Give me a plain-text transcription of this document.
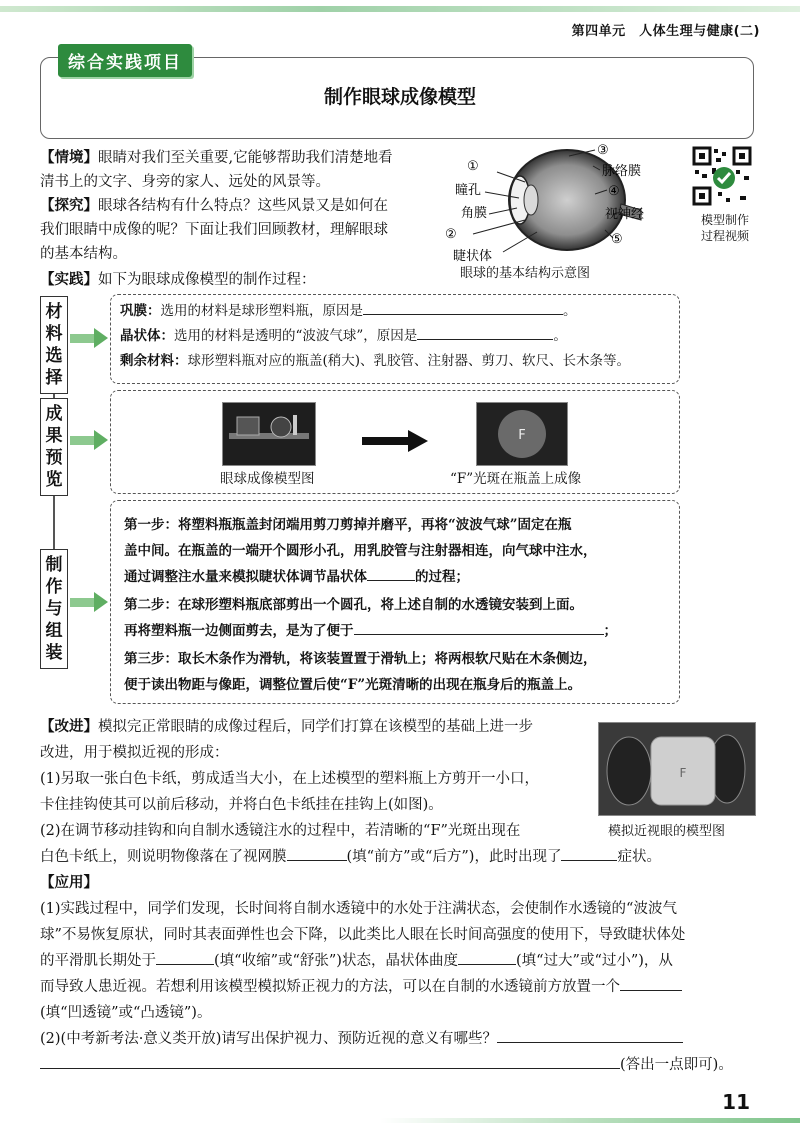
第四单元　人体生理与健康(二)
综合实践项目
制作眼球成像模型
【情境】眼睛对我们至关重要,它能够帮助我们清楚地看
清书上的文字、身旁的家人、远处的风景等。
【探究】眼球各结构有什么特点？这些风景又是如何在
我们眼睛中成像的呢？下面让我们回顾教材，理解眼球
的基本结构。
【实践】如下为眼球成像模型的制作过程：
①
瞳孔
角膜
②
睫状体
③
脉络膜
④
视神经
⑤
眼球的基本结构示意图
模型制作
过程视频
材料选择
成果预览
制作与组装
巩膜：选用的材料是球形塑料瓶，原因是	。
晶状体：选用的材料是透明的“波波气球”，原因是	。
剩余材料：球形塑料瓶对应的瓶盖(稍大)、乳胶管、注射器、剪刀、软尺、长木条等。
F
眼球成像模型图	“F”光斑在瓶盖上成像
第一步：将塑料瓶瓶盖封闭端用剪刀剪掉并磨平，再将“波波气球”固定在瓶
盖中间。在瓶盖的一端开个圆形小孔，用乳胶管与注射器相连，向气球中注水，
通过调整注水量来模拟睫状体调节晶状体	的过程；
第二步：在球形塑料瓶底部剪出一个圆孔，将上述自制的水透镜安装到上面。
再将塑料瓶一边侧面剪去，是为了便于	；
第三步：取长木条作为滑轨，将该装置置于滑轨上；将两根软尺贴在木条侧边，
便于读出物距与像距，调整位置后使“F”光斑清晰的出现在瓶身后的瓶盖上。
【改进】模拟完正常眼睛的成像过程后，同学们打算在该模型的基础上进一步
改进，用于模拟近视的形成：
(1)另取一张白色卡纸，剪成适当大小，在上述模型的塑料瓶上方剪开一小口，
卡住挂钩使其可以前后移动，并将白色卡纸挂在挂钩上(如图)。
(2)在调节移动挂钩和向自制水透镜注水的过程中，若清晰的“F”光斑出现在
白色卡纸上，则说明物像落在了视网膜	(填“前方”或“后方”)，此时出现了	症状。
F
模拟近视眼的模型图
【应用】
(1)实践过程中，同学们发现，长时间将自制水透镜中的水处于注满状态，会使制作水透镜的“波波气
球”不易恢复原状，同时其表面弹性也会下降，以此类比人眼在长时间高强度的使用下，导致睫状体处
的平滑肌长期处于	(填“收缩”或“舒张”)状态，晶状体曲度	(填“过大”或“过小”)，从
而导致人患近视。若想利用该模型模拟矫正视力的方法，可以在自制的水透镜前方放置一个
(填“凹透镜”或“凸透镜”)。
(2)(中考新考法·意义类开放)请写出保护视力、预防近视的意义有哪些？
(答出一点即可)。
11
